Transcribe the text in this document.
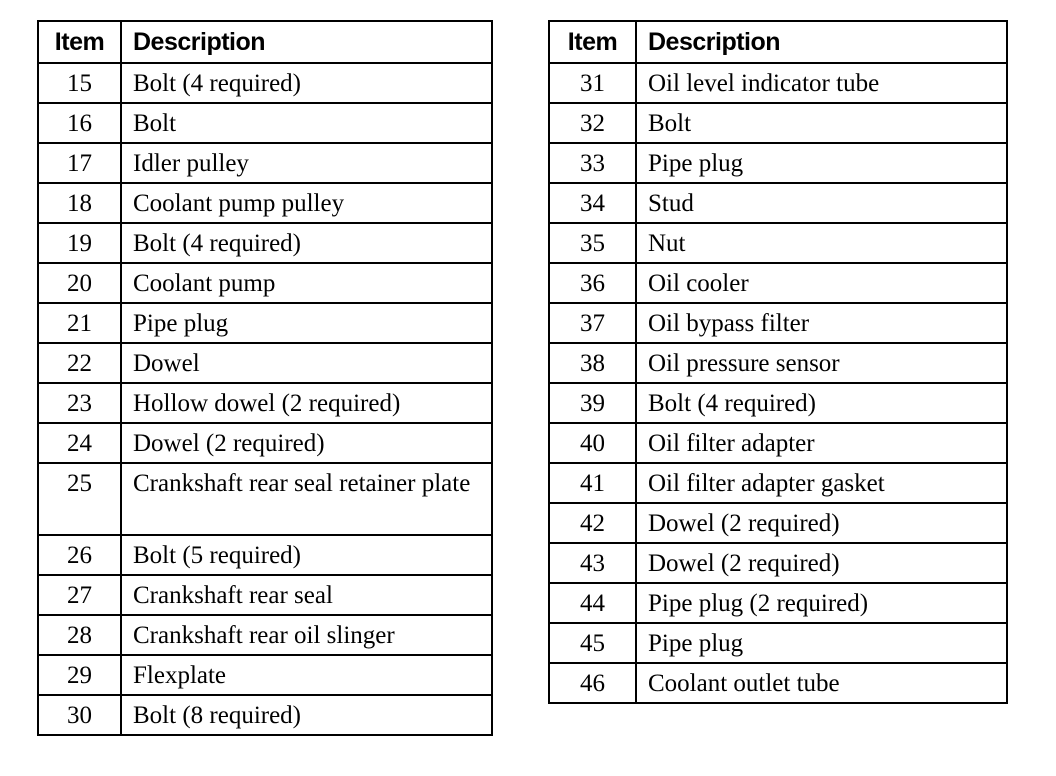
Item	Description
15	Bolt (4 required)
16	Bolt
17	Idler pulley
18	Coolant pump pulley
19	Bolt (4 required)
20	Coolant pump
21	Pipe plug
22	Dowel
23	Hollow dowel (2 required)
24	Dowel (2 required)
25	Crankshaft rear seal retainer plate
26	Bolt (5 required)
27	Crankshaft rear seal
28	Crankshaft rear oil slinger
29	Flexplate
30	Bolt (8 required)
Item	Description
31	Oil level indicator tube
32	Bolt
33	Pipe plug
34	Stud
35	Nut
36	Oil cooler
37	Oil bypass filter
38	Oil pressure sensor
39	Bolt (4 required)
40	Oil filter adapter
41	Oil filter adapter gasket
42	Dowel (2 required)
43	Dowel (2 required)
44	Pipe plug (2 required)
45	Pipe plug
46	Coolant outlet tube
